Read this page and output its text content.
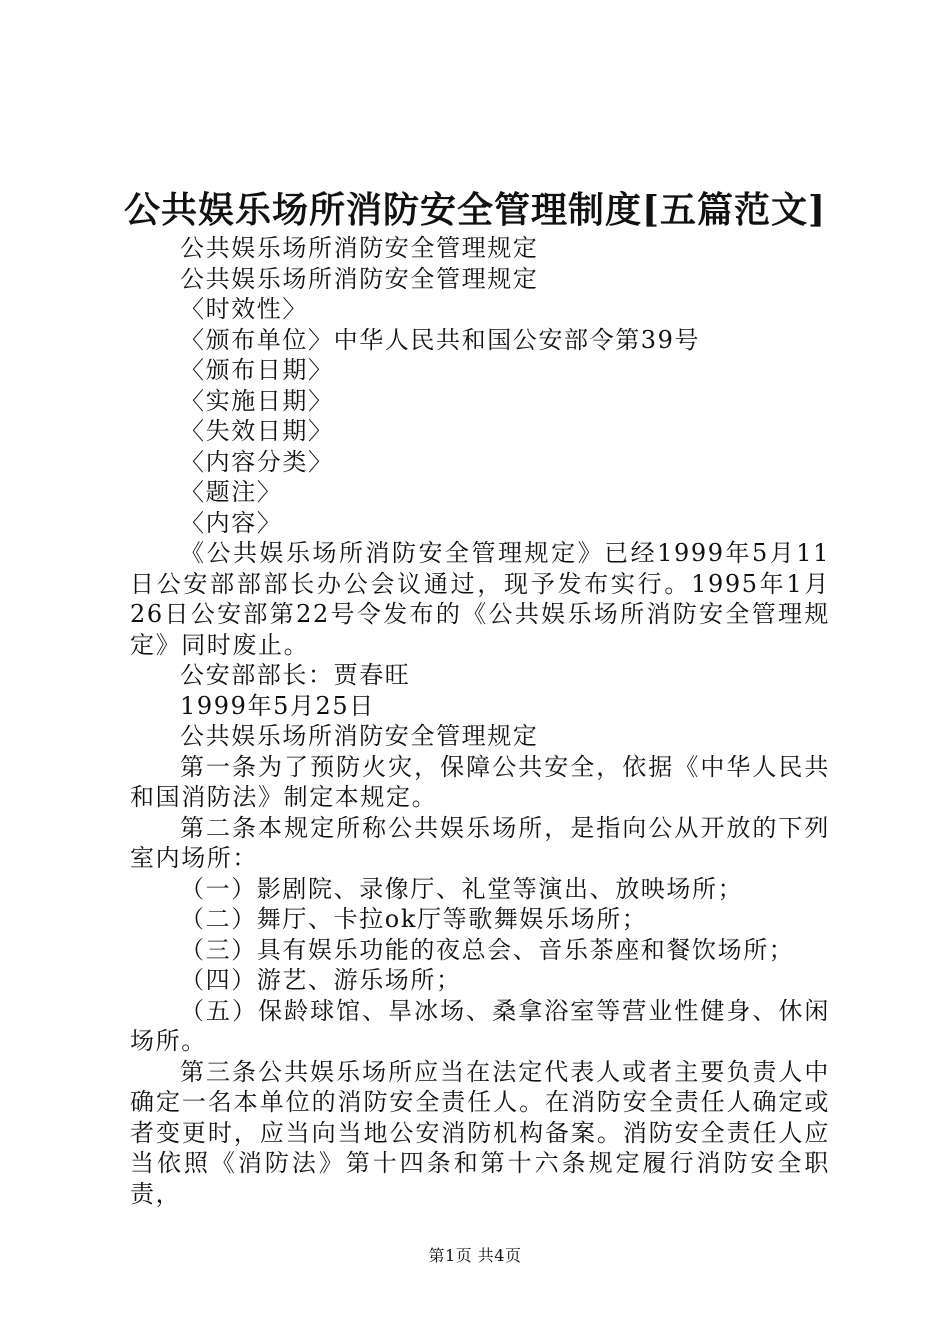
公共娱乐场所消防安全管理制度[五篇范文]

公共娱乐场所消防安全管理规定

公共娱乐场所消防安全管理规定

〈时效性〉

〈颁布单位〉中华人民共和国公安部令第39号

〈颁布日期〉

〈实施日期〉

〈失效日期〉

〈内容分类〉

〈题注〉

〈内容〉

《公共娱乐场所消防安全管理规定》已经1999年5月11日公安部部部长办公会议通过，现予发布实行。1995年1月26日公安部第22号令发布的《公共娱乐场所消防安全管理规定》同时废止。

公安部部长：贾春旺

1999年5月25日

公共娱乐场所消防安全管理规定

第一条为了预防火灾，保障公共安全，依据《中华人民共和国消防法》制定本规定。

第二条本规定所称公共娱乐场所，是指向公从开放的下列室内场所：

（一）影剧院、录像厅、礼堂等演出、放映场所；

（二）舞厅、卡拉ok厅等歌舞娱乐场所；

（三）具有娱乐功能的夜总会、音乐茶座和餐饮场所；

（四）游艺、游乐场所；

（五）保龄球馆、旱冰场、桑拿浴室等营业性健身、休闲场所。

第三条公共娱乐场所应当在法定代表人或者主要负责人中确定一名本单位的消防安全责任人。在消防安全责任人确定或者变更时，应当向当地公安消防机构备案。消防安全责任人应当依照《消防法》第十四条和第十六条规定履行消防安全职责，

第1页 共4页
